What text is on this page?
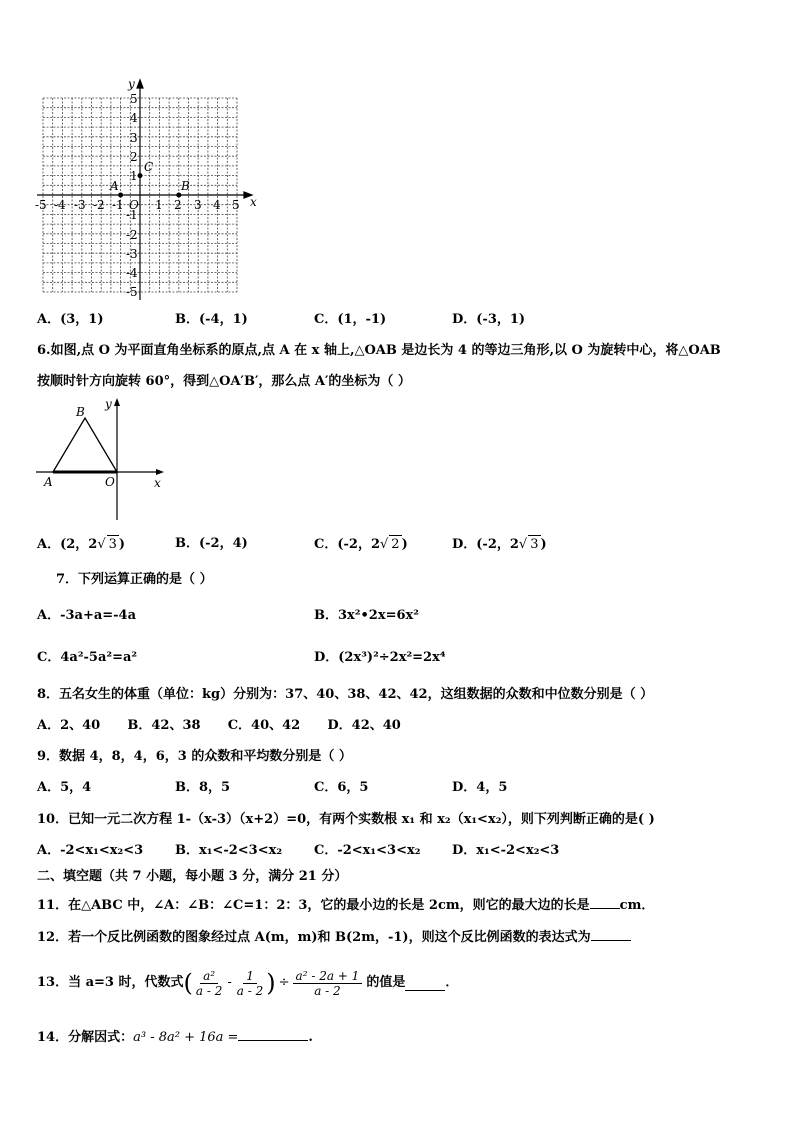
x
y
-5 -4 -3 -2 -1 O 1 2 3 4 5
5
4
3
2
1
-1
-2
-3
-4
-5
A	B
C
A．(3，1)	B．(-4，1)	C．(1，-1)	D．(-3，1)
6.如图,点 O 为平面直角坐标系的原点,点 A 在 x 轴上,△OAB 是边长为 4 的等边三角形,以 O 为旋转中心，将△OAB
按顺时针方向旋转 60°，得到△OA′B′，那么点 A′的坐标为（ ）
B
A	O	x
y
A．(2，2√ 3 )	B．(-2，4)	C．(-2，2√ 2 )	D．(-2，2√ 3 )
7．下列运算正确的是（ ）
A．-3a+a=-4a	B．3x²•2x=6x²
C．4a²-5a²=a²	D．(2x³)²÷2x²=2x⁴
8．五名女生的体重（单位：kg）分别为：37、40、38、42、42，这组数据的众数和中位数分别是（ ）
A．2、40      B．42、38      C．40、42      D．42、40
9．数据 4，8，4，6，3 的众数和平均数分别是（ ）
A．5，4	B．8，5	C．6，5	D．4，5
10．已知一元二次方程 1-（x-3）（x+2）=0，有两个实数根 x₁ 和 x₂（x₁<x₂），则下列判断正确的是( )
A．-2<x₁<x₂<3 B．x₁<-2<3<x₂ C．-2<x₁<3<x₂ D．x₁<-2<x₂<3
二、填空题（共 7 小题，每小题 3 分，满分 21 分）
11．在△ABC 中，∠A：∠B：∠C=1：2：3，它的最小边的长是 2cm，则它的最大边的长是 cm．
12．若一个反比例函数的图象经过点 A(m，m)和 B(2m，-1)，则这个反比例函数的表达式为
13．当 a=3 时，代数式 ( $\frac{\text{a²}}{a - 2} - \frac{1}{a - 2}$ ) ÷ $\frac{\text{a² - 2a + 1}}{a - 2}$ 的值是	．
14．分解因式：a³ - 8a² + 16a =	.
